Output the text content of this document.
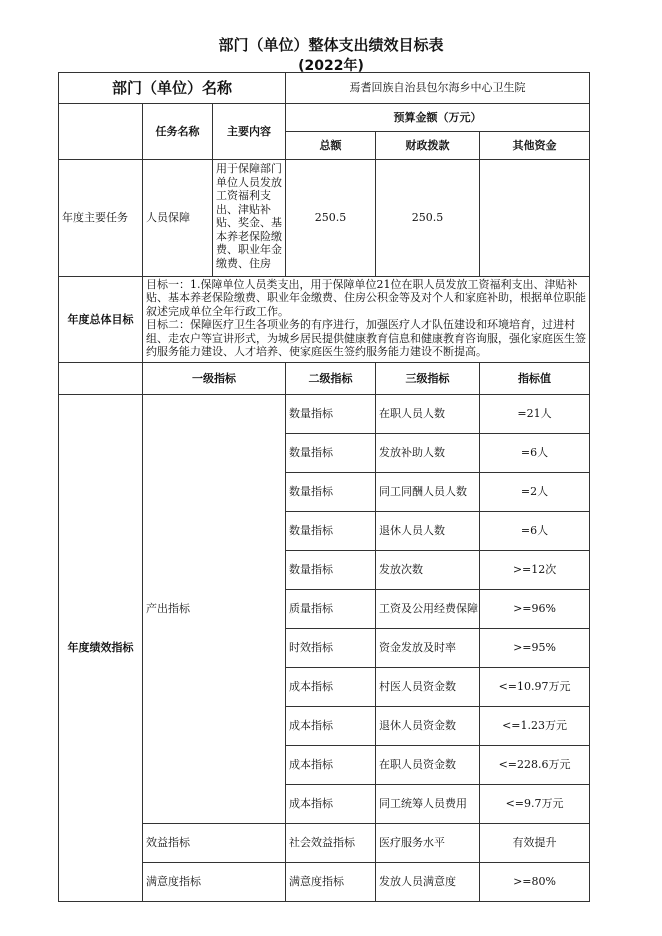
部门（单位）整体支出绩效目标表
(2022年)
部门（单位）名称			焉耆回族自治县包尔海乡中心卫生院		
	任务名称	主要内容	预算金额（万元）		
			总额	财政拨款	其他资金
年度主要任务	人员保障	用于保障部门单位人员发放工资福利支出、津贴补贴、奖金、基本养老保险缴费、职业年金缴费、住房	250.5	250.5	
年度总体目标	目标一：1.保障单位人员类支出，用于保障单位21位在职人员发放工资福利支出、津贴补贴、基本养老保险缴费、职业年金缴费、住房公积金等及对个人和家庭补助，根据单位职能叙述完成单位全年行政工作。
目标二：保障医疗卫生各项业务的有序进行，加强医疗人才队伍建设和环境培育，过进村组、走农户等宣讲形式，为城乡居民提供健康教育信息和健康教育咨询服，强化家庭医生签约服务能力建设、人才培养、使家庭医生签约服务能力建设不断提高。				

	一级指标		二级指标	三级指标	指标值
年度绩效指标	产出指标		数量指标	在职人员人数	=21人
			数量指标	发放补助人数	=6人
			数量指标	同工同酬人员人数	=2人
			数量指标	退休人员人数	=6人
			数量指标	发放次数	>=12次
			质量指标	工资及公用经费保障	>=96%
			时效指标	资金发放及时率	>=95%
			成本指标	村医人员资金数	<=10.97万元
			成本指标	退休人员资金数	<=1.23万元
			成本指标	在职人员资金数	<=228.6万元
			成本指标	同工统筹人员费用	<=9.7万元
	效益指标		社会效益指标	医疗服务水平	有效提升
	满意度指标		满意度指标	发放人员满意度	>=80%
